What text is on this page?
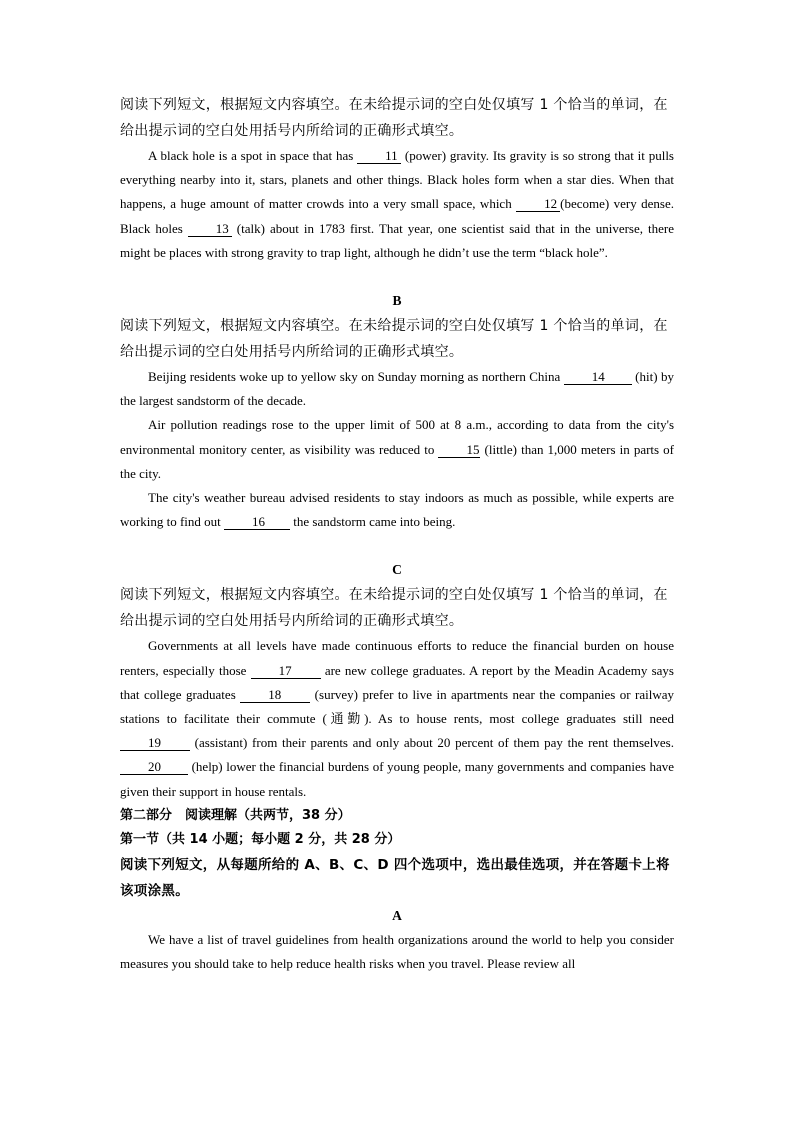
阅读下列短文，根据短文内容填空。在未给提示词的空白处仅填写 1 个恰当的单词，在给出提示词的空白处用括号内所给词的正确形式填空。
A black hole is a spot in space that has 11 (power) gravity. Its gravity is so strong that it pulls everything nearby into it, stars, planets and other things. Black holes form when a star dies. When that happens, a huge amount of matter crowds into a very small space, which 12 (become) very dense. Black holes 13 (talk) about in 1783 first. That year, one scientist said that in the universe, there might be places with strong gravity to trap light, although he didn’t use the term “black hole”.
B
阅读下列短文，根据短文内容填空。在未给提示词的空白处仅填写 1 个恰当的单词，在给出提示词的空白处用括号内所给词的正确形式填空。
Beijing residents woke up to yellow sky on Sunday morning as northern China 14 (hit) by the largest sandstorm of the decade.
Air pollution readings rose to the upper limit of 500 at 8 a.m., according to data from the city's environmental monitory center, as visibility was reduced to 15 (little) than 1,000 meters in parts of the city.
The city's weather bureau advised residents to stay indoors as much as possible, while experts are working to find out 16 the sandstorm came into being.
C
阅读下列短文，根据短文内容填空。在未给提示词的空白处仅填写 1 个恰当的单词，在给出提示词的空白处用括号内所给词的正确形式填空。
Governments at all levels have made continuous efforts to reduce the financial burden on house renters, especially those 17 are new college graduates. A report by the Meadin Academy says that college graduates 18 (survey) prefer to live in apartments near the companies or railway stations to facilitate their commute (通勤). As to house rents, most college graduates still need 19 (assistant) from their parents and only about 20 percent of them pay the rent themselves. 20 (help) lower the financial burdens of young people, many governments and companies have given their support in house rentals.
第二部分　阅读理解（共两节，38 分）
第一节（共 14 小题；每小题 2 分，共 28 分）
阅读下列短文，从每题所给的 A、B、C、D 四个选项中，选出最佳选项，并在答题卡上将该项涂黑。
A
We have a list of travel guidelines from health organizations around the world to help you consider measures you should take to help reduce health risks when you travel. Please review all
